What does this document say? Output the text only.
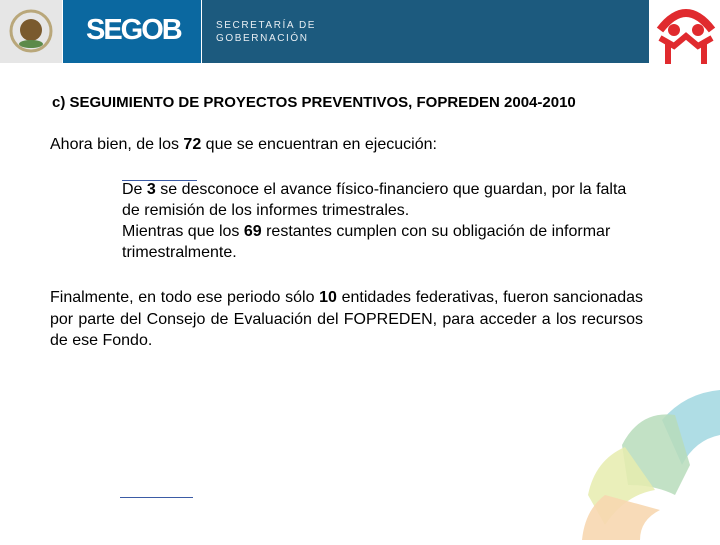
SEGOB	SECRETARÍA DE
GOBERNACIÓN
c) SEGUIMIENTO DE PROYECTOS PREVENTIVOS, FOPREDEN 2004-2010
Ahora bien, de los 72 que se encuentran en ejecución:
De 3 se desconoce el avance físico-financiero que guardan, por la falta de remisión de los informes trimestrales.
Mientras que los 69 restantes cumplen con su obligación de informar trimestralmente.
Finalmente, en todo ese periodo sólo 10 entidades federativas, fueron sancionadas por parte del Consejo de Evaluación del FOPREDEN, para acceder a los recursos de ese Fondo.
